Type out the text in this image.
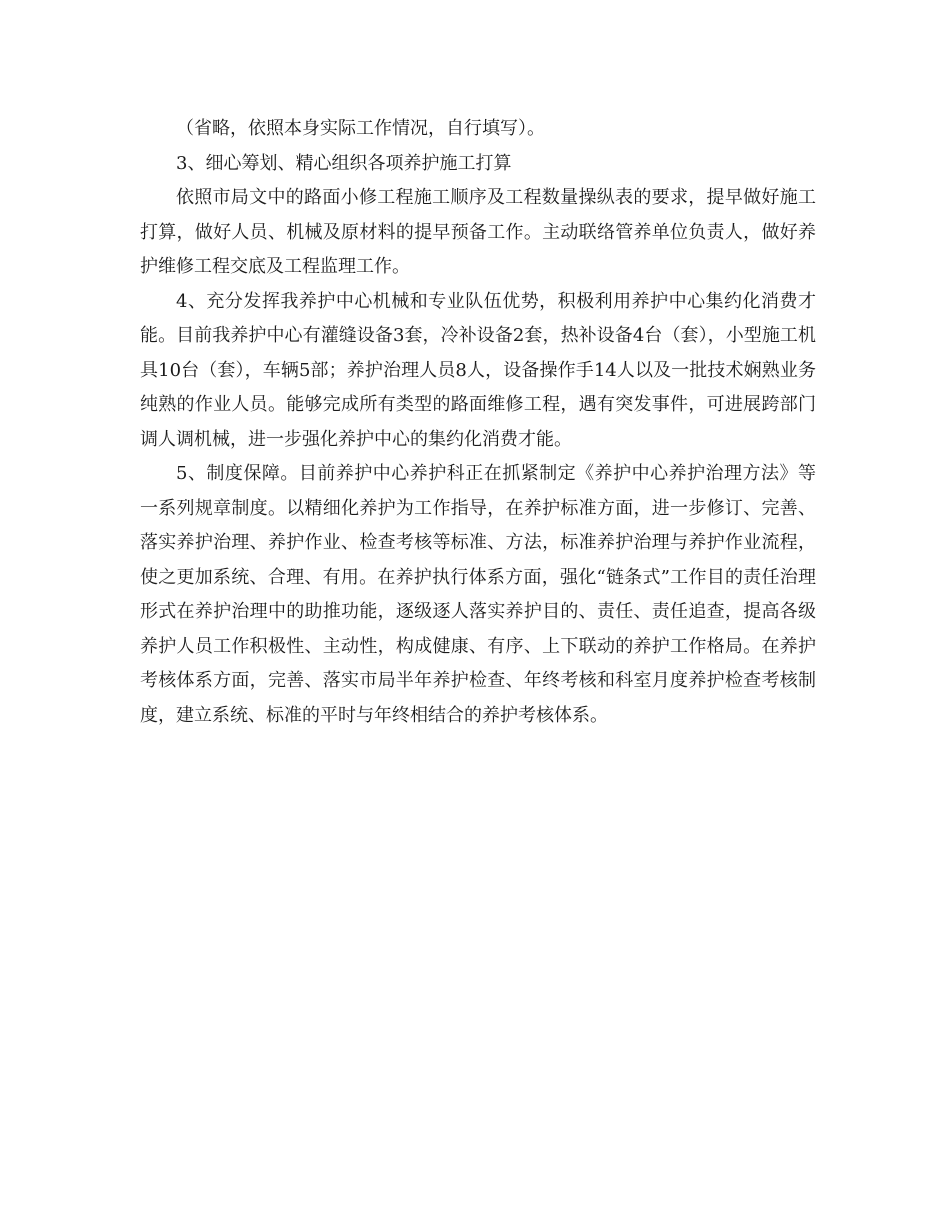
（省略，依照本身实际工作情况，自行填写）。

3、细心筹划、精心组织各项养护施工打算

依照市局文中的路面小修工程施工顺序及工程数量操纵表的要求，提早做好施工打算，做好人员、机械及原材料的提早预备工作。主动联络管养单位负责人，做好养护维修工程交底及工程监理工作。

4、充分发挥我养护中心机械和专业队伍优势，积极利用养护中心集约化消费才能。目前我养护中心有灌缝设备3套，冷补设备2套，热补设备4台（套），小型施工机具10台（套），车辆5部；养护治理人员8人，设备操作手14人以及一批技术娴熟业务纯熟的作业人员。能够完成所有类型的路面维修工程，遇有突发事件，可进展跨部门调人调机械，进一步强化养护中心的集约化消费才能。

5、制度保障。目前养护中心养护科正在抓紧制定《养护中心养护治理方法》等一系列规章制度。以精细化养护为工作指导，在养护标准方面，进一步修订、完善、落实养护治理、养护作业、检查考核等标准、方法，标准养护治理与养护作业流程，使之更加系统、合理、有用。在养护执行体系方面，强化“链条式”工作目的责任治理形式在养护治理中的助推功能，逐级逐人落实养护目的、责任、责任追查，提高各级养护人员工作积极性、主动性，构成健康、有序、上下联动的养护工作格局。在养护考核体系方面，完善、落实市局半年养护检查、年终考核和科室月度养护检查考核制度，建立系统、标准的平时与年终相结合的养护考核体系。
